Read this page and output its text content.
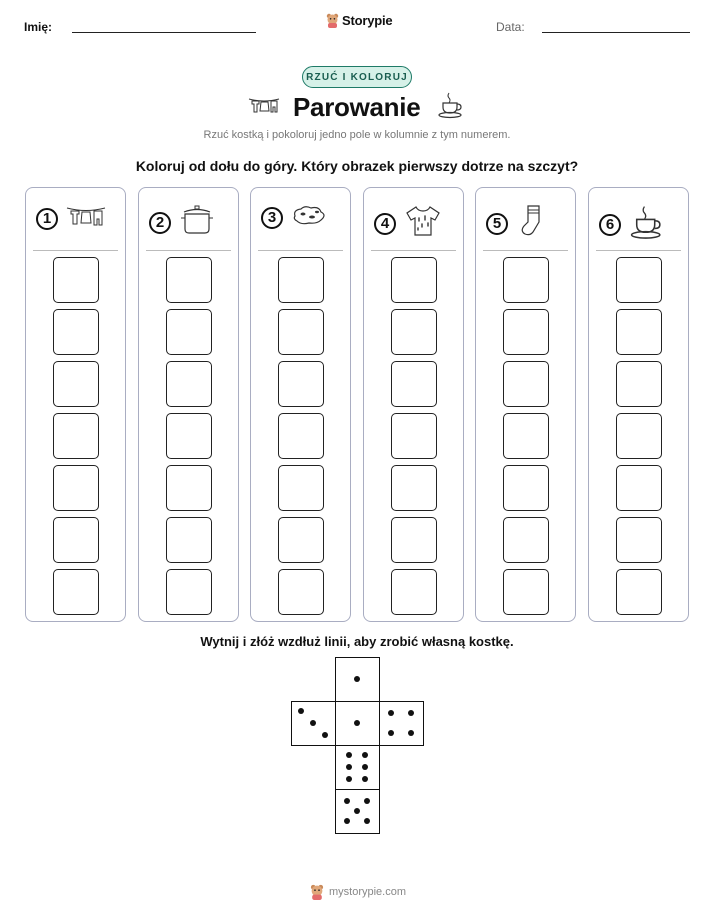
Imię:	Storypie	Data:
RZUĆ I KOLORUJ
Parowanie
Rzuć kostką i pokoloruj jedno pole w kolumnie z tym numerem.
Koloruj od dołu do góry. Który obrazek pierwszy dotrze na szczyt?
1	2	3	4	5	6
Wytnij i złóż wzdłuż linii, aby zrobić własną kostkę.
mystorypie.com
